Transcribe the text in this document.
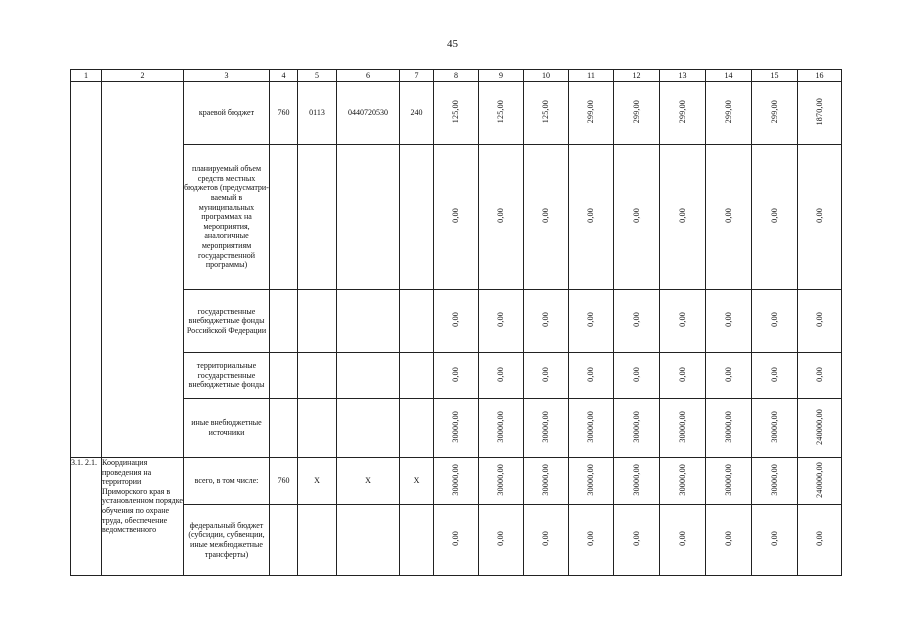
45
1	2	3	4	5	6	7	8	9	10	11	12	13	14	15	16
		краевой бюджет	760	0113	0440720530	240	125,00	125,00	125,00	299,00	299,00	299,00	299,00	299,00	1870,00
		планируемый объем средств местных бюджетов (предусматри-ваемый в муниципальных программах на мероприятия, аналогичные мероприятиям государственной программы)					0,00	0,00	0,00	0,00	0,00	0,00	0,00	0,00	0,00
		государственные внебюджетные фонды Российской Федерации					0,00	0,00	0,00	0,00	0,00	0,00	0,00	0,00	0,00
		территориальные государственные внебюджетные фонды					0,00	0,00	0,00	0,00	0,00	0,00	0,00	0,00	0,00
		иные внебюджетные источники					30000,00	30000,00	30000,00	30000,00	30000,00	30000,00	30000,00	30000,00	240000,00
3.1. 2.1.	Координация проведения на территории Приморского края в установленном порядке обучения по охране труда, обеспечение ведомственного	всего, в том числе:	760	X	X	X	30000,00	30000,00	30000,00	30000,00	30000,00	30000,00	30000,00	30000,00	240000,00
		федеральный бюджет (субсидии, субвенции, иные межбюджетные трансферты)					0,00	0,00	0,00	0,00	0,00	0,00	0,00	0,00	0,00
